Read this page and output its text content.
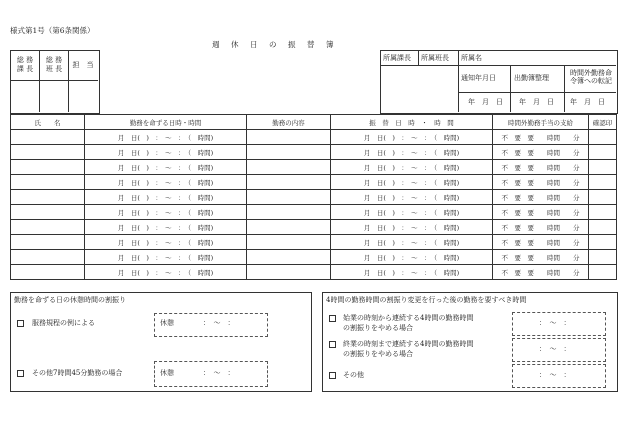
様式第1号（第6条関係）
週　休　日　の　振　替　簿
総 務
課 長
総 務
班 長	担　当
所属課長 所属班長 所属名
通知年月日	出勤簿整理
時間外勤務命
令簿への転記
年　月　日 年　月　日 年　月　日
氏　　名	勤務を命ずる日時・時間	勤務の内容	振　替　日　時　・　時　間	時間外勤務手当の支給	確認印
	月　日(　)　：　～　：　（　時間)		月　日(　)　：　～　：　（　時間)	不　要　要　　時間　　分	
	月　日(　)　：　～　：　（　時間)		月　日(　)　：　～　：　（　時間)	不　要　要　　時間　　分	
	月　日(　)　：　～　：　（　時間)		月　日(　)　：　～　：　（　時間)	不　要　要　　時間　　分	
	月　日(　)　：　～　：　（　時間)		月　日(　)　：　～　：　（　時間)	不　要　要　　時間　　分	
	月　日(　)　：　～　：　（　時間)		月　日(　)　：　～　：　（　時間)	不　要　要　　時間　　分	
	月　日(　)　：　～　：　（　時間)		月　日(　)　：　～　：　（　時間)	不　要　要　　時間　　分	
	月　日(　)　：　～　：　（　時間)		月　日(　)　：　～　：　（　時間)	不　要　要　　時間　　分	
	月　日(　)　：　～　：　（　時間)		月　日(　)　：　～　：　（　時間)	不　要　要　　時間　　分	
	月　日(　)　：　～　：　（　時間)		月　日(　)　：　～　：　（　時間)	不　要　要　　時間　　分	
	月　日(　)　：　～　：　（　時間)		月　日(　)　：　～　：　（　時間)	不　要　要　　時間　　分	
勤務を命ずる日の休憩時間の割振り
服務規程の例による	休憩	：　～　：
その他7時間45分勤務の場合	休憩	：　～　：
4時間の勤務時間の割振り変更を行った後の勤務を要すべき時間
始業の時刻から連続する4時間の勤務時間
の割振りをやめる場合
：　～　：
終業の時刻まで連続する4時間の勤務時間
の割振りをやめる場合
：　～　：
その他	：　～　：
